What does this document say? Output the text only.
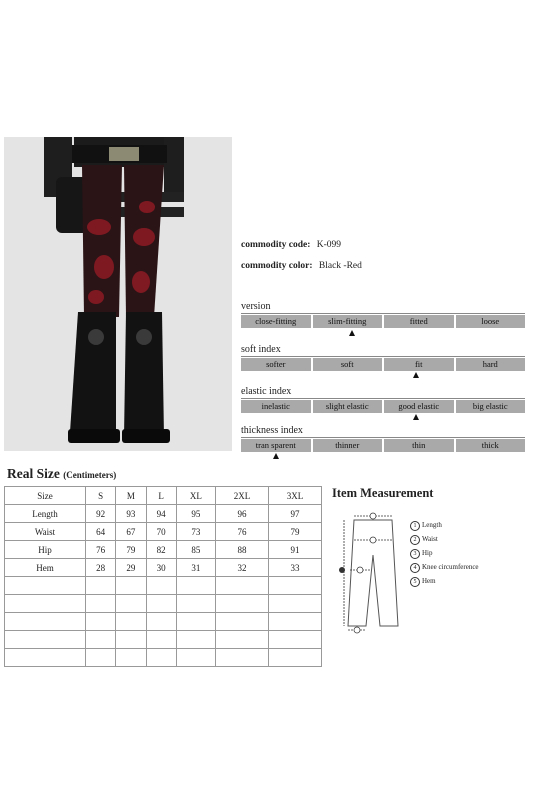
commodity code: K-099
commodity color: Black -Red
version
close-fitting	slim-fitting	fitted	loose
soft index
softer	soft	fit	hard
elastic index
inelastic	slight elastic	good elastic	big elastic
thickness index
tran sparent	thinner	thin	thick
Real Size (Centimeters)
Size	S	M	L	XL	2XL	3XL
Length	92	93	94	95	96	97
Waist	64	67	70	73	76	79
Hip	76	79	82	85	88	91
Hem	28	29	30	31	32	33

Item Measurement
1 Length
2 Waist
3 Hip
4 Knee circumference
5 Hem
